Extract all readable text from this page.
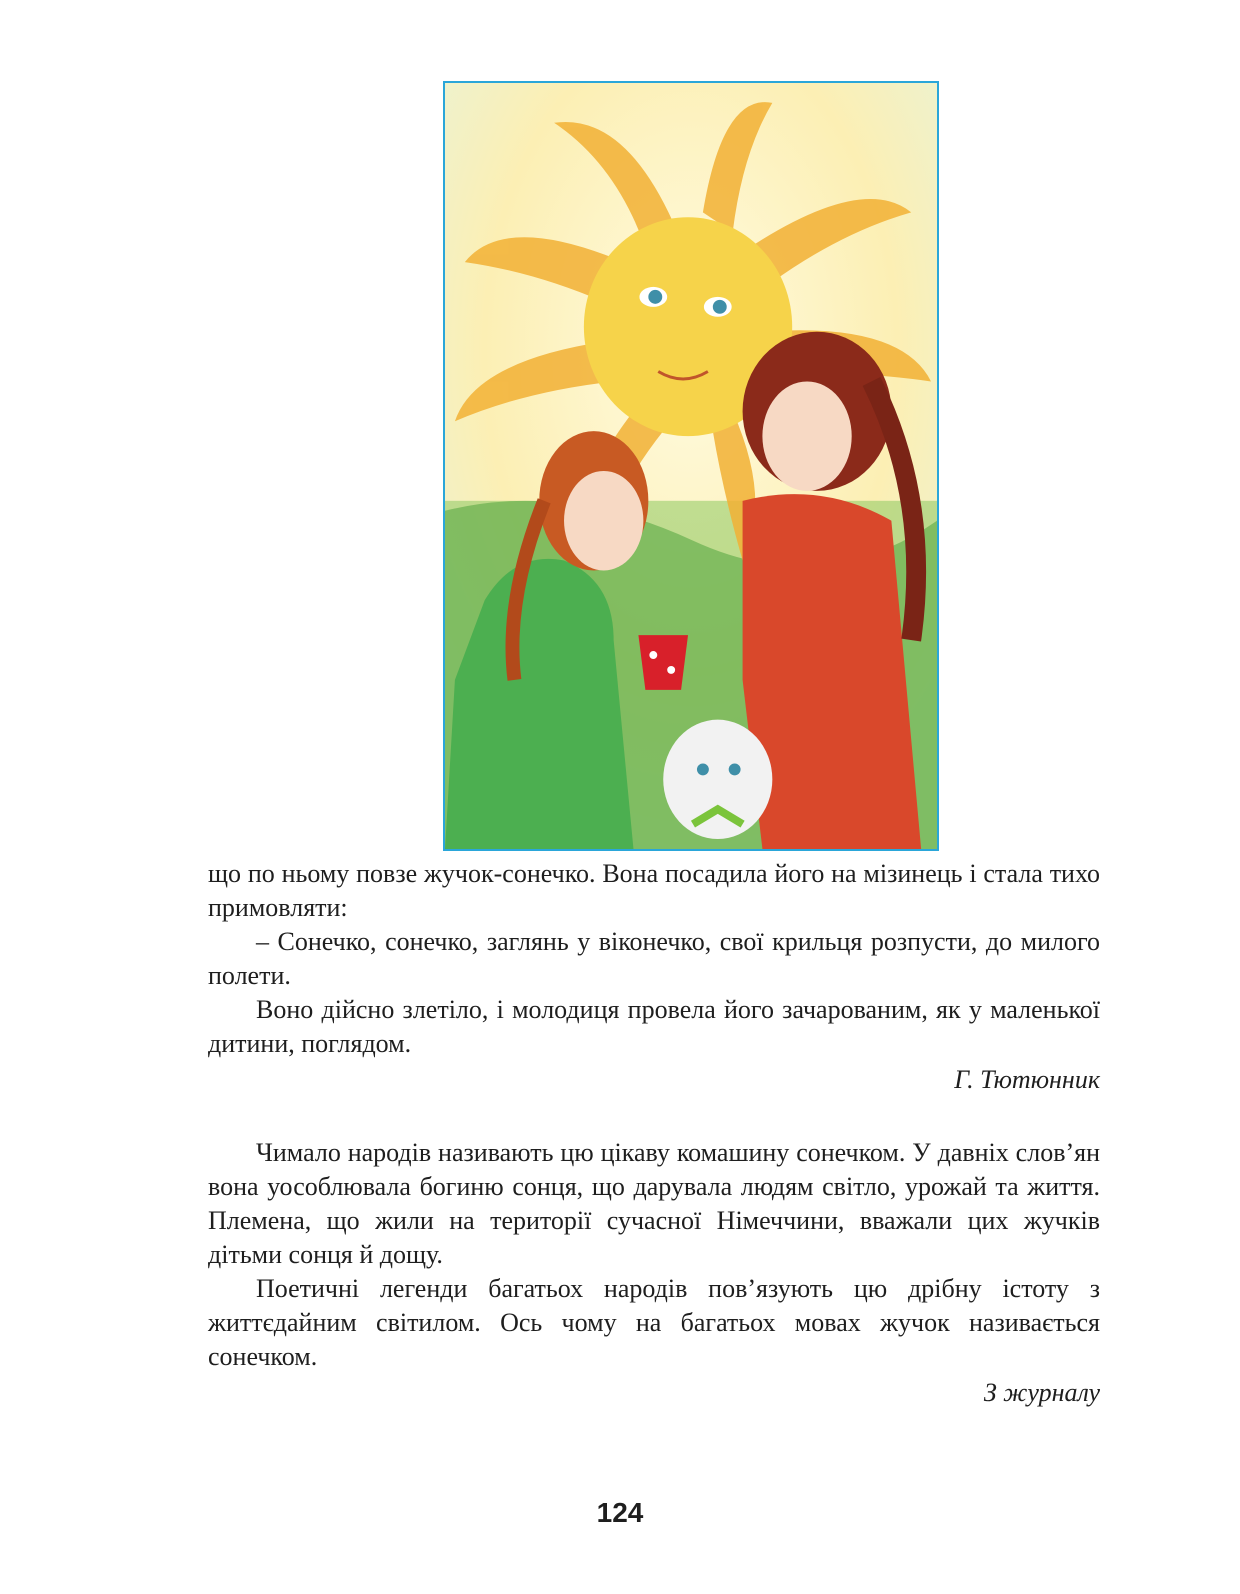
що по ньому повзе жучок-сонечко. Вона посадила його на мізинець і стала тихо примовляти:

– Сонечко, сонечко, заглянь у віконечко, свої крильця розпусти, до милого полети.

Воно дійсно злетіло, і молодиця провела його зачарованим, як у маленької дитини, поглядом.

Г. Тютюнник

Чимало народів називають цю цікаву комашину сонечком. У давніх слов’ян вона уособлювала богиню сонця, що дарувала людям світло, урожай та життя. Племена, що жили на території сучасної Німеччини, вважали цих жучків дітьми сонця й дощу.

Поетичні легенди багатьох народів пов’язують цю дрібну істоту з життєдайним світилом. Ось чому на багатьох мовах жучок називається сонечком.

З журналу
124
